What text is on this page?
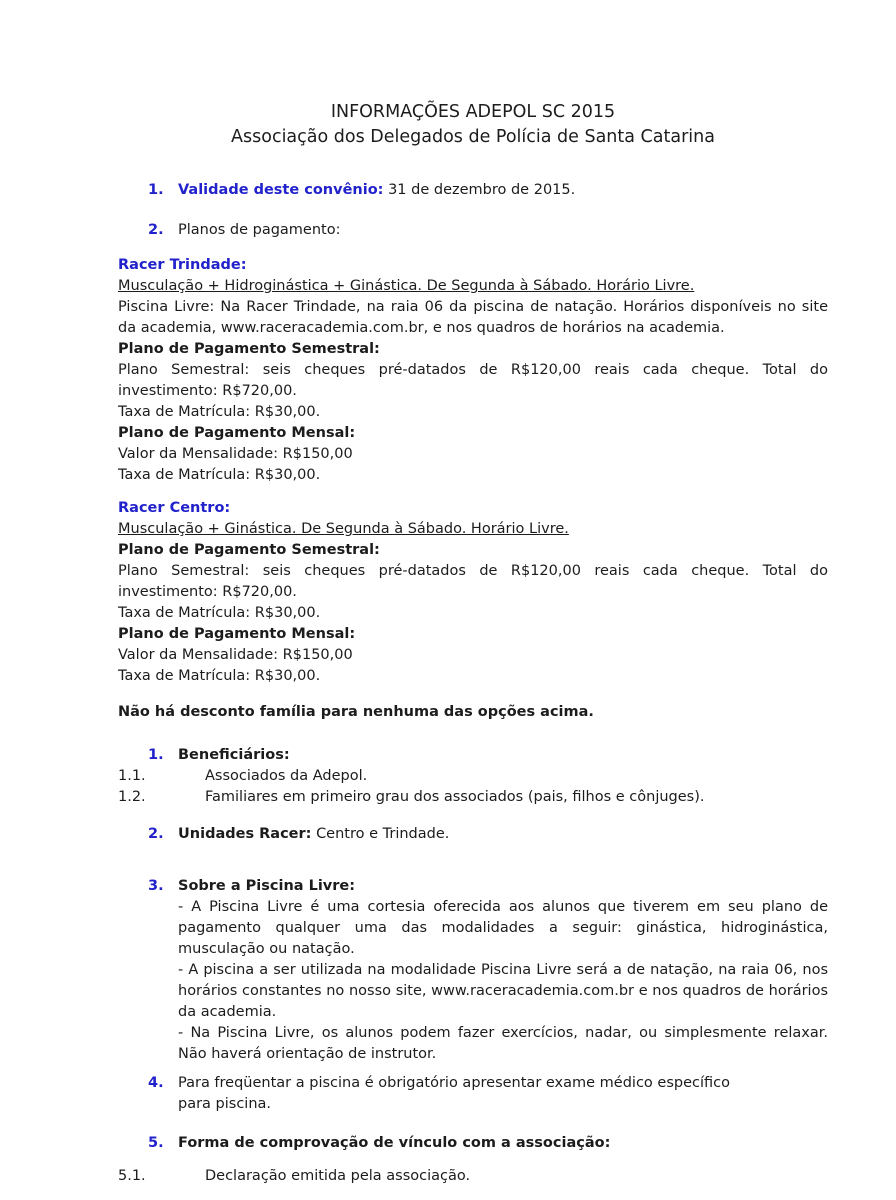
INFORMAÇÕES ADEPOL SC 2015
Associação dos Delegados de Polícia de Santa Catarina
1. Validade deste convênio: 31 de dezembro de 2015.
2. Planos de pagamento:
Racer Trindade:
Musculação + Hidroginástica + Ginástica. De Segunda à Sábado. Horário Livre.
Piscina Livre: Na Racer Trindade, na raia 06 da piscina de natação. Horários disponíveis no site da academia, www.raceracademia.com.br, e nos quadros de horários na academia.
Plano de Pagamento Semestral:
Plano Semestral: seis cheques pré-datados de R$120,00 reais cada cheque. Total do investimento: R$720,00.
Taxa de Matrícula: R$30,00.
Plano de Pagamento Mensal:
Valor da Mensalidade: R$150,00
Taxa de Matrícula: R$30,00.
Racer Centro:
Musculação + Ginástica. De Segunda à Sábado. Horário Livre.
Plano de Pagamento Semestral:
Plano Semestral: seis cheques pré-datados de R$120,00 reais cada cheque. Total do investimento: R$720,00.
Taxa de Matrícula: R$30,00.
Plano de Pagamento Mensal:
Valor da Mensalidade: R$150,00
Taxa de Matrícula: R$30,00.
Não há desconto família para nenhuma das opções acima.
1. Beneficiários:
1.1.	Associados da Adepol.
1.2.	Familiares em primeiro grau dos associados (pais, filhos e cônjuges).
2. Unidades Racer: Centro e Trindade.
3. Sobre a Piscina Livre:
- A Piscina Livre é uma cortesia oferecida aos alunos que tiverem em seu plano de pagamento qualquer uma das modalidades a seguir: ginástica, hidroginástica, musculação ou natação.
- A piscina a ser utilizada na modalidade Piscina Livre será a de natação, na raia 06, nos horários constantes no nosso site, www.raceracademia.com.br e nos quadros de horários da academia.
- Na Piscina Livre, os alunos podem fazer exercícios, nadar, ou simplesmente relaxar. Não haverá orientação de instrutor.
4. Para freqüentar a piscina é obrigatório apresentar exame médico específico para piscina.
5. Forma de comprovação de vínculo com a associação:
5.1.	Declaração emitida pela associação.
